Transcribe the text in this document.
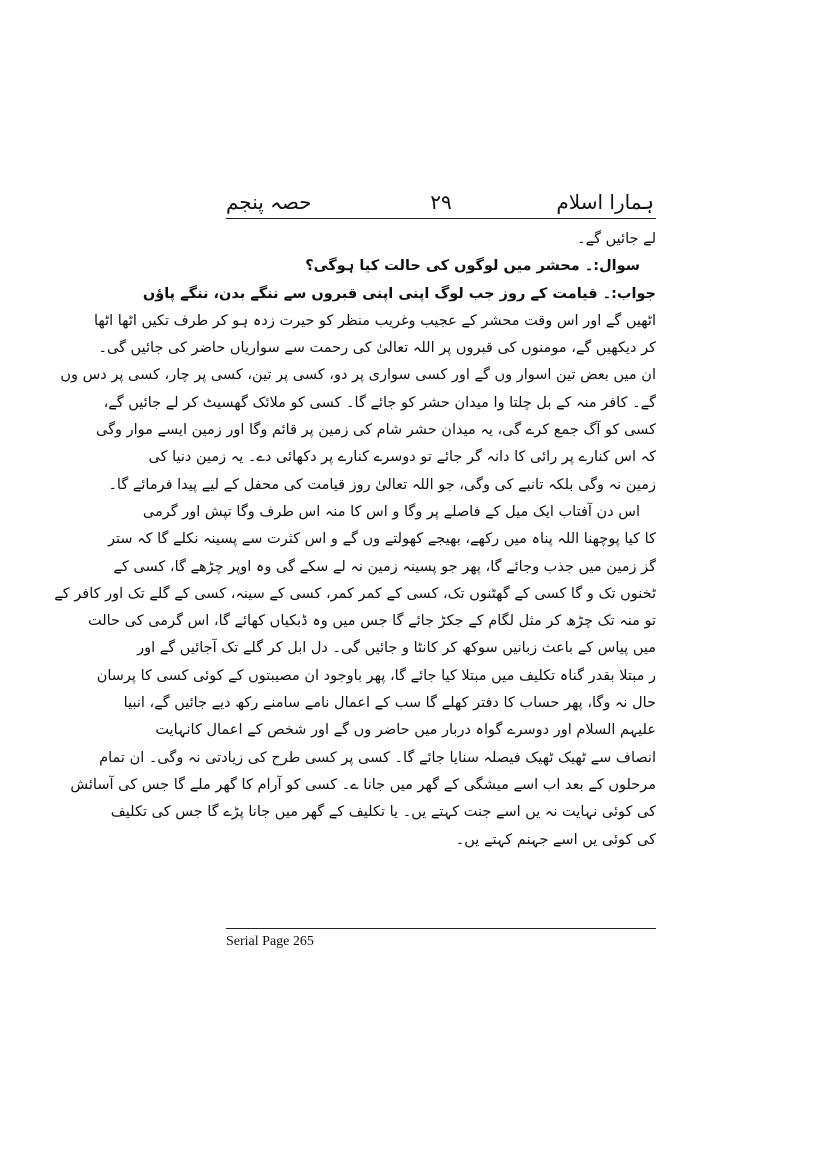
ہمارا اسلام
۲۹
حصہ پنجم
لے جائیں گے۔
سوال:۔ محشر میں لوگوں کی حالت کیا ہوگی؟
جواب:۔ قیامت کے روز جب لوگ اپنی اپنی قبروں سے ننگے بدن، ننگے پاؤں
اٹھیں گے اور اس وقت محشر کے عجیب وغریب منظر کو حیرت زدہ ہو کر طرف تکیں اٹھا اٹھا
کر دیکھیں گے، مومنوں کی قبروں پر اللہ تعالیٰ کی رحمت سے سواریاں حاضر کی جائیں گی۔
ان میں بعض تین اسوار وں گے اور کسی سواری پر دو، کسی پر تین، کسی پر چار، کسی پر دس وں
گے۔ کافر منہ کے بل چلتا وا میدان حشر کو جائے گا۔ کسی کو ملائک گھسیٹ کر لے جائیں گے،
کسی کو آگ جمع کرے گی، یہ میدان حشر شام کی زمین پر قائم وگا اور زمین ایسے موار وگی
کہ اس کنارے پر رائی کا دانہ گر جائے تو دوسرے کنارے پر دکھائی دے۔ یہ زمین دنیا کی
زمین نہ وگی بلکہ تانبے کی وگی، جو اللہ تعالیٰ روز قیامت کی محفل کے لیے پیدا فرمائے گا۔
اس دن آفتاب ایک میل کے فاصلے پر وگا و اس کا منہ اس طرف وگا تپش اور گرمی
کا کیا پوچھنا اللہ پناہ میں رکھے، بھیجے کھولتے وں گے و اس کثرت سے پسینہ نکلے گا کہ ستر
گز زمین میں جذب وجائے گا، پھر جو پسینہ زمین نہ لے سکے گی وہ اوپر چڑھے گا، کسی کے
ٹخنوں تک و گا کسی کے گھٹنوں تک، کسی کے کمر کمر، کسی کے سینہ، کسی کے گلے تک اور کافر کے
تو منہ تک چڑھ کر مثل لگام کے جکڑ جائے گا جس میں وہ ڈبکیاں کھائے گا، اس گرمی کی حالت
میں پیاس کے باعث زبانیں سوکھ کر کانٹا و جائیں گی۔ دل ابل کر گلے تک آجائیں گے اور
ر مبتلا بقدر گناہ تکلیف میں مبتلا کیا جائے گا، پھر باوجود ان مصیبتوں کے کوئی کسی کا پرسان
حال نہ وگا، پھر حساب کا دفتر کھلے گا سب کے اعمال نامے سامنے رکھ دیے جائیں گے، انبیا
علیہم السلام اور دوسرے گواہ دربار میں حاضر وں گے اور شخص کے اعمال کانہایت
انصاف سے ٹھیک ٹھیک فیصلہ سنایا جائے گا۔ کسی پر کسی طرح کی زیادتی نہ وگی۔ ان تمام
مرحلوں کے بعد اب اسے میشگی کے گھر میں جانا ے۔ کسی کو آرام کا گھر ملے گا جس کی آسائش
کی کوئی نہایت نہ یں اسے جنت کہتے یں۔ یا تکلیف کے گھر میں جانا پڑے گا جس کی تکلیف
کی کوئی یں اسے جہنم کہتے یں۔
Serial Page 265
